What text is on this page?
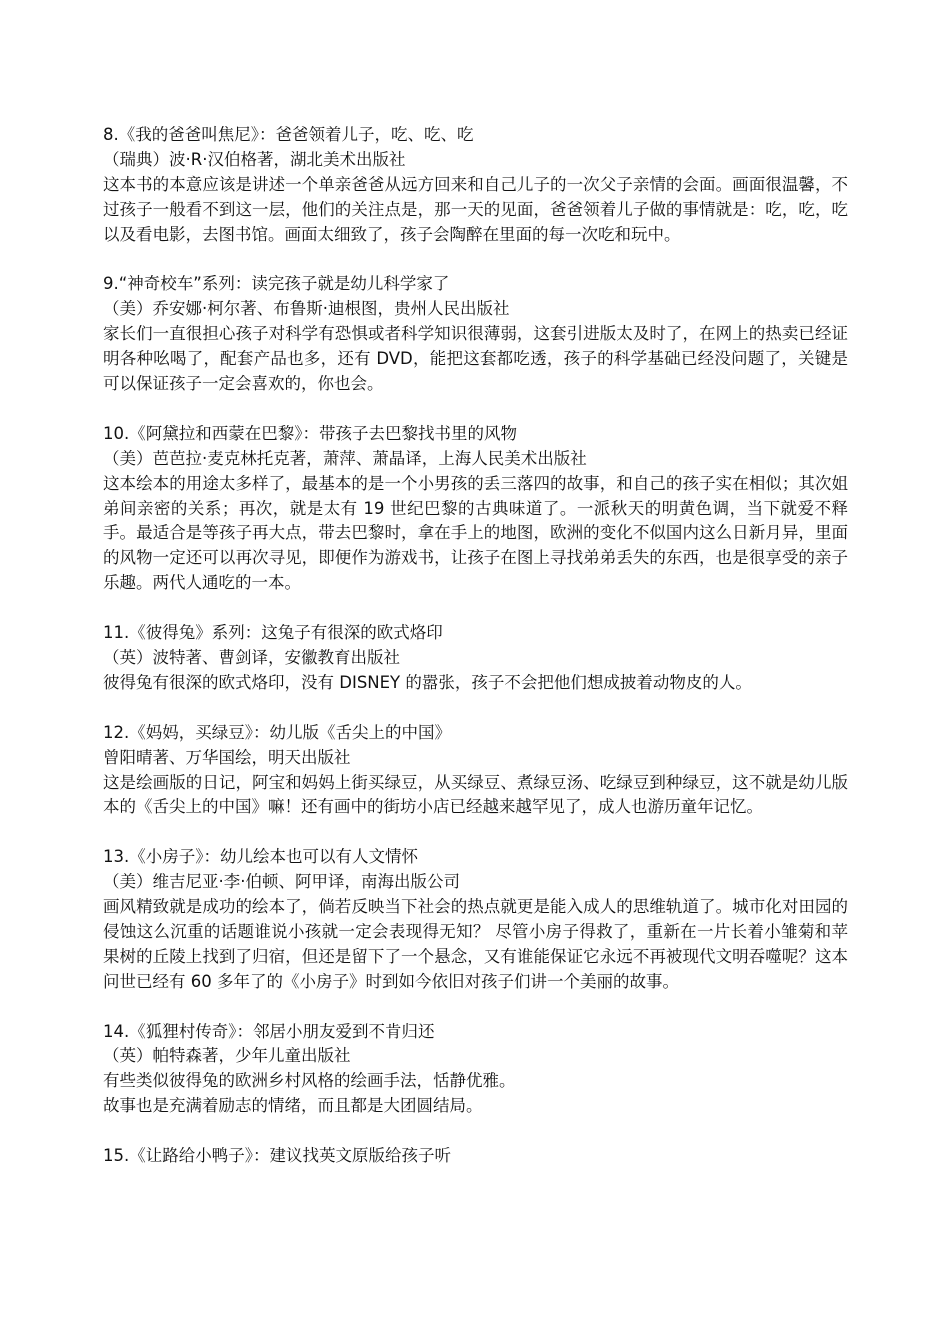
8.《我的爸爸叫焦尼》：爸爸领着儿子，吃、吃、吃

（瑞典）波·R·汉伯格著，湖北美术出版社

这本书的本意应该是讲述一个单亲爸爸从远方回来和自己儿子的一次父子亲情的会面。画面很温馨，不过孩子一般看不到这一层，他们的关注点是，那一天的见面，爸爸领着儿子做的事情就是：吃，吃，吃以及看电影，去图书馆。画面太细致了，孩子会陶醉在里面的每一次吃和玩中。

9.“神奇校车”系列：读完孩子就是幼儿科学家了

（美）乔安娜·柯尔著、布鲁斯·迪根图，贵州人民出版社

家长们一直很担心孩子对科学有恐惧或者科学知识很薄弱，这套引进版太及时了，在网上的热卖已经证明各种吆喝了，配套产品也多，还有 DVD，能把这套都吃透，孩子的科学基础已经没问题了，关键是可以保证孩子一定会喜欢的，你也会。

10.《阿黛拉和西蒙在巴黎》：带孩子去巴黎找书里的风物

（美）芭芭拉·麦克林托克著，萧萍、萧晶译，上海人民美术出版社

这本绘本的用途太多样了，最基本的是一个小男孩的丢三落四的故事，和自己的孩子实在相似；其次姐弟间亲密的关系；再次，就是太有 19 世纪巴黎的古典味道了。一派秋天的明黄色调，当下就爱不释手。最适合是等孩子再大点，带去巴黎时，拿在手上的地图，欧洲的变化不似国内这么日新月异，里面的风物一定还可以再次寻见，即便作为游戏书，让孩子在图上寻找弟弟丢失的东西，也是很享受的亲子乐趣。两代人通吃的一本。

11.《彼得兔》系列：这兔子有很深的欧式烙印

（英）波特著、曹剑译，安徽教育出版社

彼得兔有很深的欧式烙印，没有 DISNEY 的嚣张，孩子不会把他们想成披着动物皮的人。

12.《妈妈，买绿豆》：幼儿版《舌尖上的中国》

曾阳晴著、万华国绘，明天出版社

这是绘画版的日记，阿宝和妈妈上街买绿豆，从买绿豆、煮绿豆汤、吃绿豆到种绿豆，这不就是幼儿版本的《舌尖上的中国》嘛！还有画中的街坊小店已经越来越罕见了，成人也游历童年记忆。

13.《小房子》：幼儿绘本也可以有人文情怀

（美）维吉尼亚·李·伯顿、阿甲译，南海出版公司

画风精致就是成功的绘本了，倘若反映当下社会的热点就更是能入成人的思维轨道了。城市化对田园的侵蚀这么沉重的话题谁说小孩就一定会表现得无知？ 尽管小房子得救了，重新在一片长着小雏菊和苹果树的丘陵上找到了归宿，但还是留下了一个悬念，又有谁能保证它永远不再被现代文明吞噬呢？这本问世已经有 60 多年了的《小房子》时到如今依旧对孩子们讲一个美丽的故事。

14.《狐狸村传奇》：邻居小朋友爱到不肯归还

（英）帕特森著，少年儿童出版社

有些类似彼得兔的欧洲乡村风格的绘画手法，恬静优雅。

故事也是充满着励志的情绪，而且都是大团圆结局。

15.《让路给小鸭子》：建议找英文原版给孩子听
